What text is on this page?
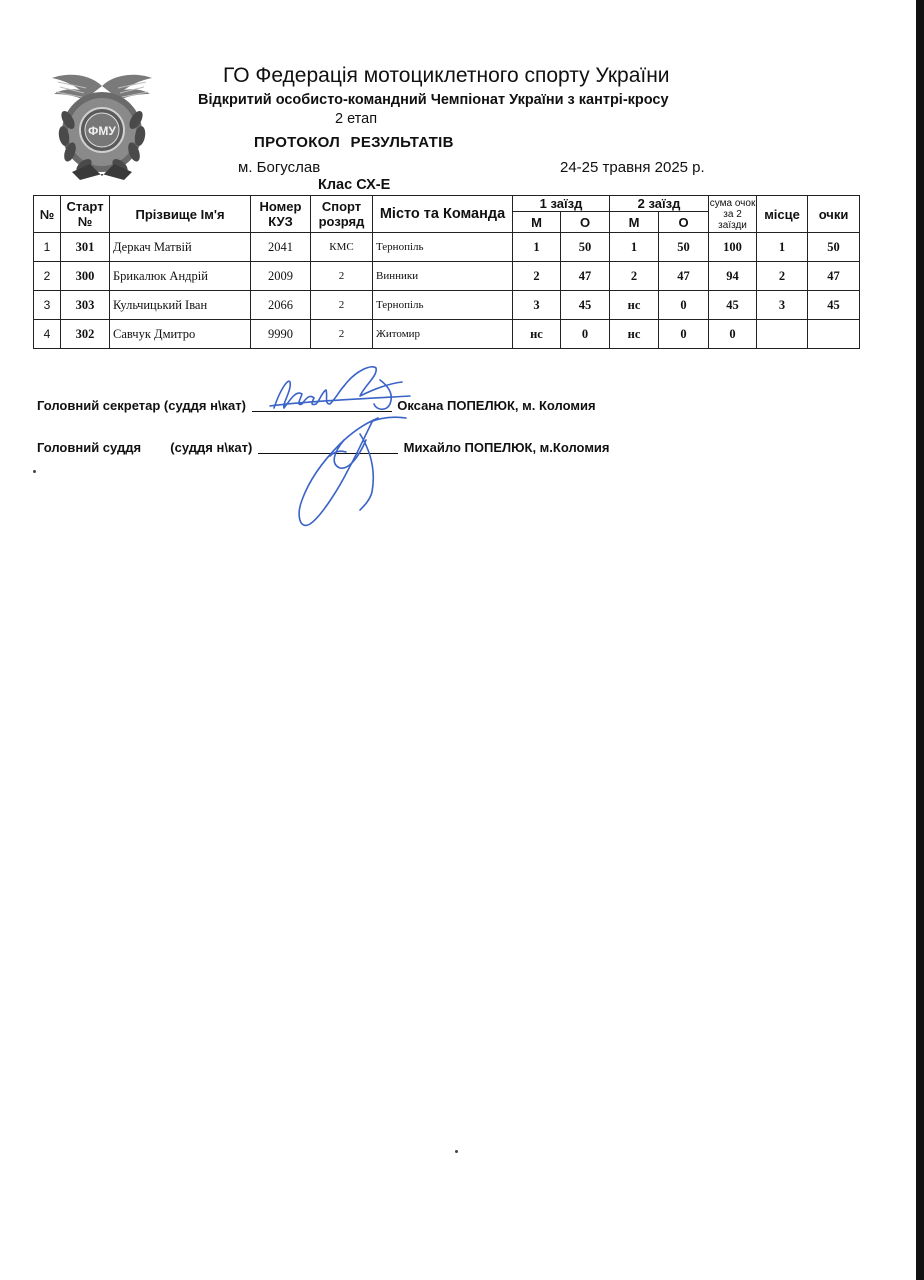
ФМУ
ГО Федерація мотоциклетного спорту України
Відкритий особисто-командний Чемпіонат України з кантрі-кросу
2 етап
ПРОТОКОЛ РЕЗУЛЬТАТІВ
м. Богуслав	24-25 травня 2025 р.
Клас СХ-Е
№	Старт №	Прізвище Ім'я	Номер КУЗ	Спорт розряд	Місто та Команда	1 заїзд		2 заїзд		сума очок за 2 заїзди	місце	очки
						М	О	М	О			
1	301	Деркач Матвій	2041	КМС	Тернопіль	1	50	1	50	100	1	50
2	300	Брикалюк Андрій	2009	2	Винники	2	47	2	47	94	2	47
3	303	Кульчицький Іван	2066	2	Тернопіль	3	45	нс	0	45	3	45
4	302	Савчук Дмитро	9990	2	Житомир	нс	0	нс	0	0		
Головний секретар (суддя н\кат)	Оксана ПОПЕЛЮК, м. Коломия
Головний суддя (суддя н\кат)	Михайло ПОПЕЛЮК, м.Коломия
